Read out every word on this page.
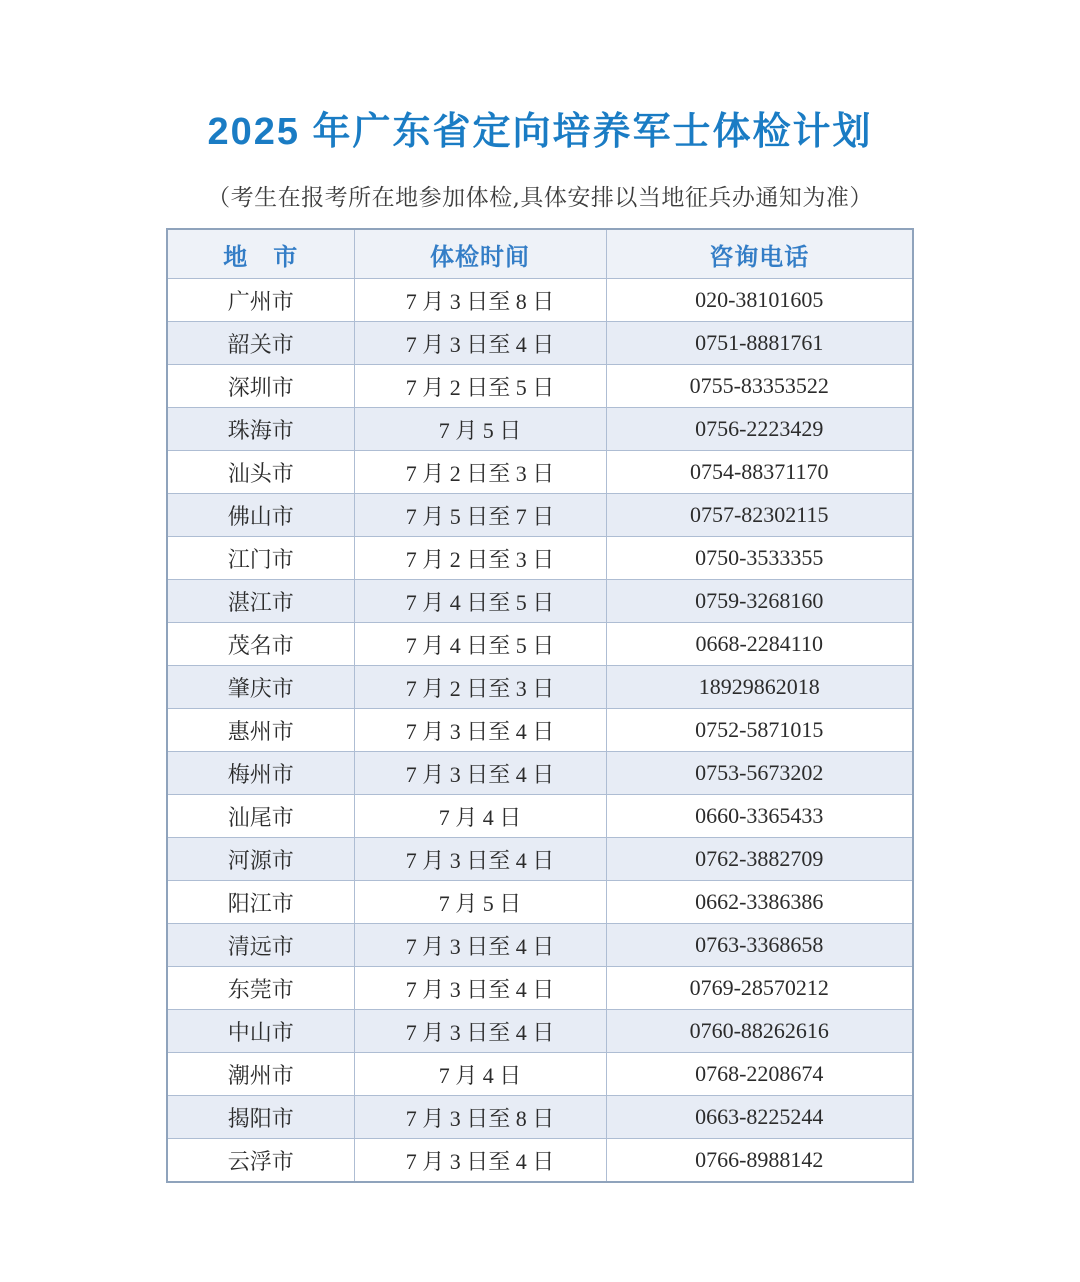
2025 年广东省定向培养军士体检计划

（考生在报考所在地参加体检,具体安排以当地征兵办通知为准）

地　市	体检时间	咨询电话
广州市	7 月 3 日至 8 日	020-38101605
韶关市	7 月 3 日至 4 日	0751-8881761
深圳市	7 月 2 日至 5 日	0755-83353522
珠海市	7 月 5 日	0756-2223429
汕头市	7 月 2 日至 3 日	0754-88371170
佛山市	7 月 5 日至 7 日	0757-82302115
江门市	7 月 2 日至 3 日	0750-3533355
湛江市	7 月 4 日至 5 日	0759-3268160
茂名市	7 月 4 日至 5 日	0668-2284110
肇庆市	7 月 2 日至 3 日	18929862018
惠州市	7 月 3 日至 4 日	0752-5871015
梅州市	7 月 3 日至 4 日	0753-5673202
汕尾市	7 月 4 日	0660-3365433
河源市	7 月 3 日至 4 日	0762-3882709
阳江市	7 月 5 日	0662-3386386
清远市	7 月 3 日至 4 日	0763-3368658
东莞市	7 月 3 日至 4 日	0769-28570212
中山市	7 月 3 日至 4 日	0760-88262616
潮州市	7 月 4 日	0768-2208674
揭阳市	7 月 3 日至 8 日	0663-8225244
云浮市	7 月 3 日至 4 日	0766-8988142
